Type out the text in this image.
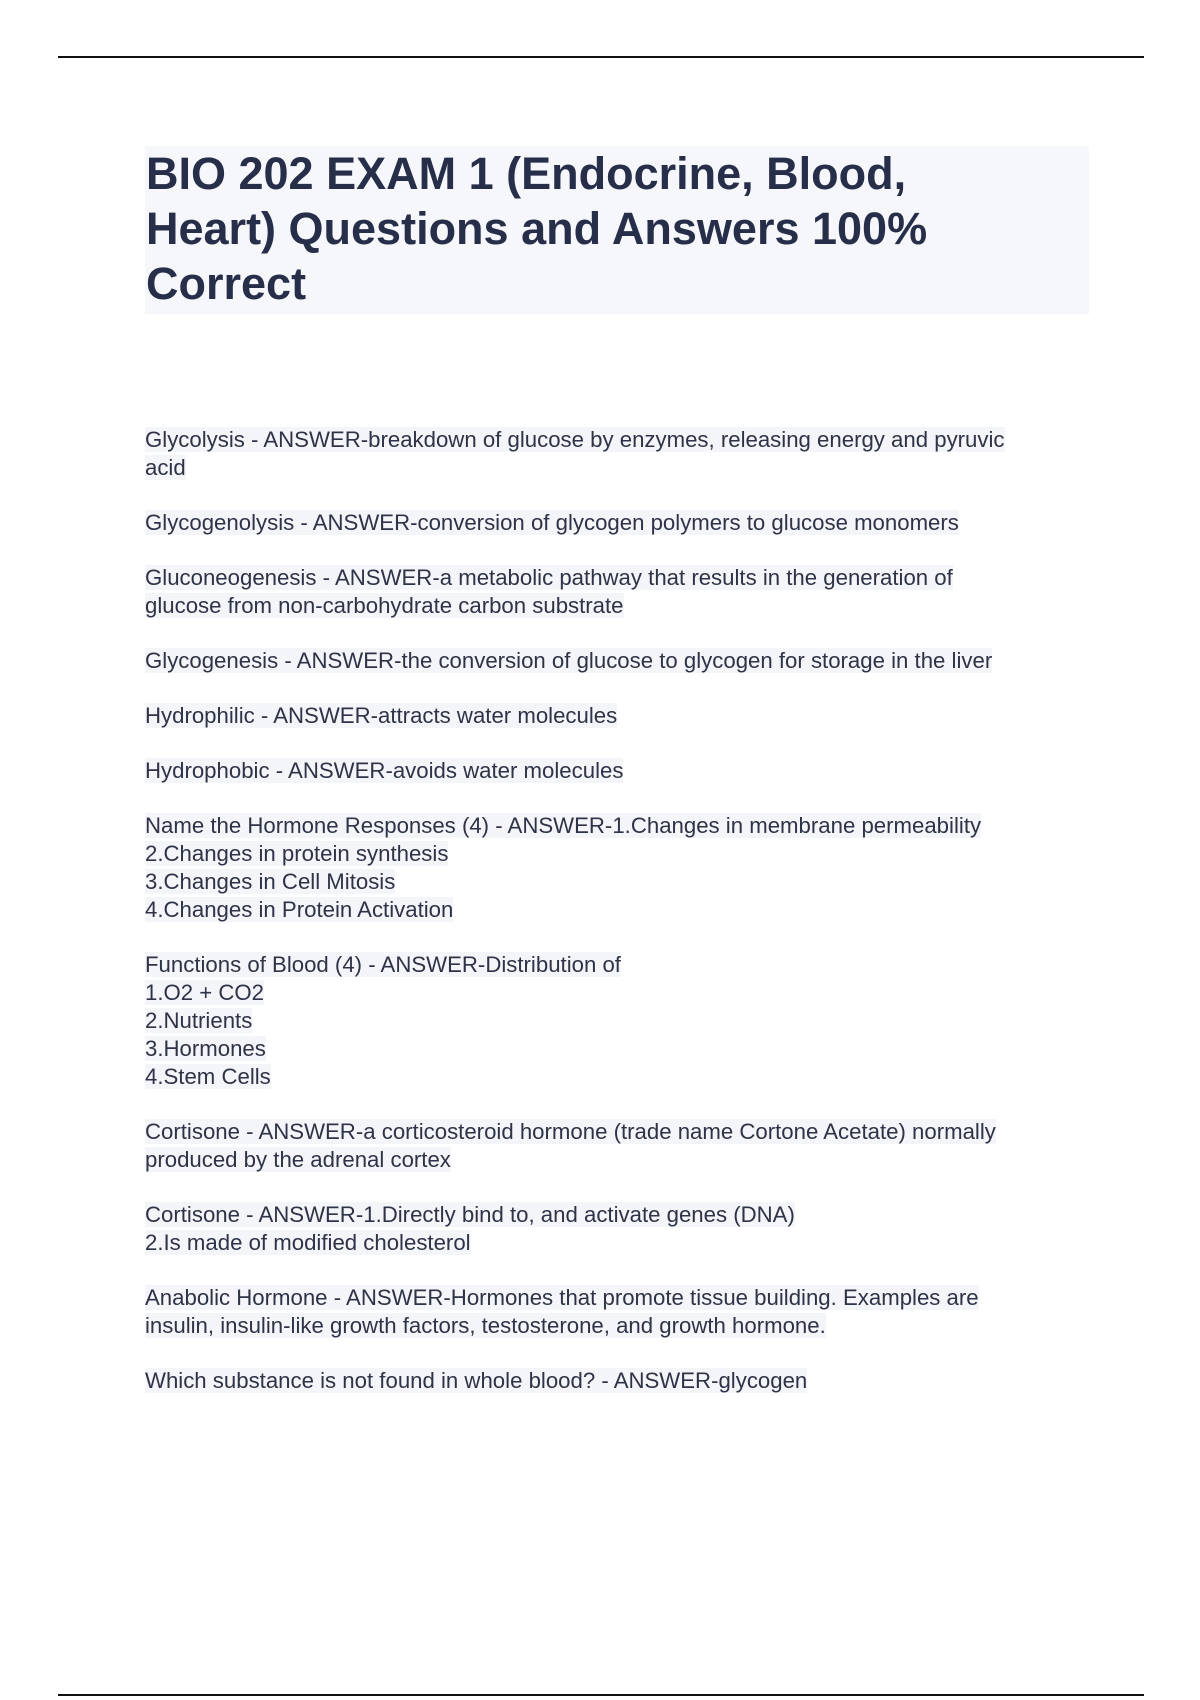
BIO 202 EXAM 1 (Endocrine, Blood,
Heart) Questions and Answers 100%
Correct
Glycolysis - ANSWER-breakdown of glucose by enzymes, releasing energy and pyruvic
acid
Glycogenolysis - ANSWER-conversion of glycogen polymers to glucose monomers
Gluconeogenesis - ANSWER-a metabolic pathway that results in the generation of
glucose from non-carbohydrate carbon substrate
Glycogenesis - ANSWER-the conversion of glucose to glycogen for storage in the liver
Hydrophilic - ANSWER-attracts water molecules
Hydrophobic - ANSWER-avoids water molecules
Name the Hormone Responses (4) - ANSWER-1.Changes in membrane permeability
2.Changes in protein synthesis
3.Changes in Cell Mitosis
4.Changes in Protein Activation
Functions of Blood (4) - ANSWER-Distribution of
1.O2 + CO2
2.Nutrients
3.Hormones
4.Stem Cells
Cortisone - ANSWER-a corticosteroid hormone (trade name Cortone Acetate) normally
produced by the adrenal cortex
Cortisone - ANSWER-1.Directly bind to, and activate genes (DNA)
2.Is made of modified cholesterol
Anabolic Hormone - ANSWER-Hormones that promote tissue building. Examples are
insulin, insulin-like growth factors, testosterone, and growth hormone.
Which substance is not found in whole blood? - ANSWER-glycogen
